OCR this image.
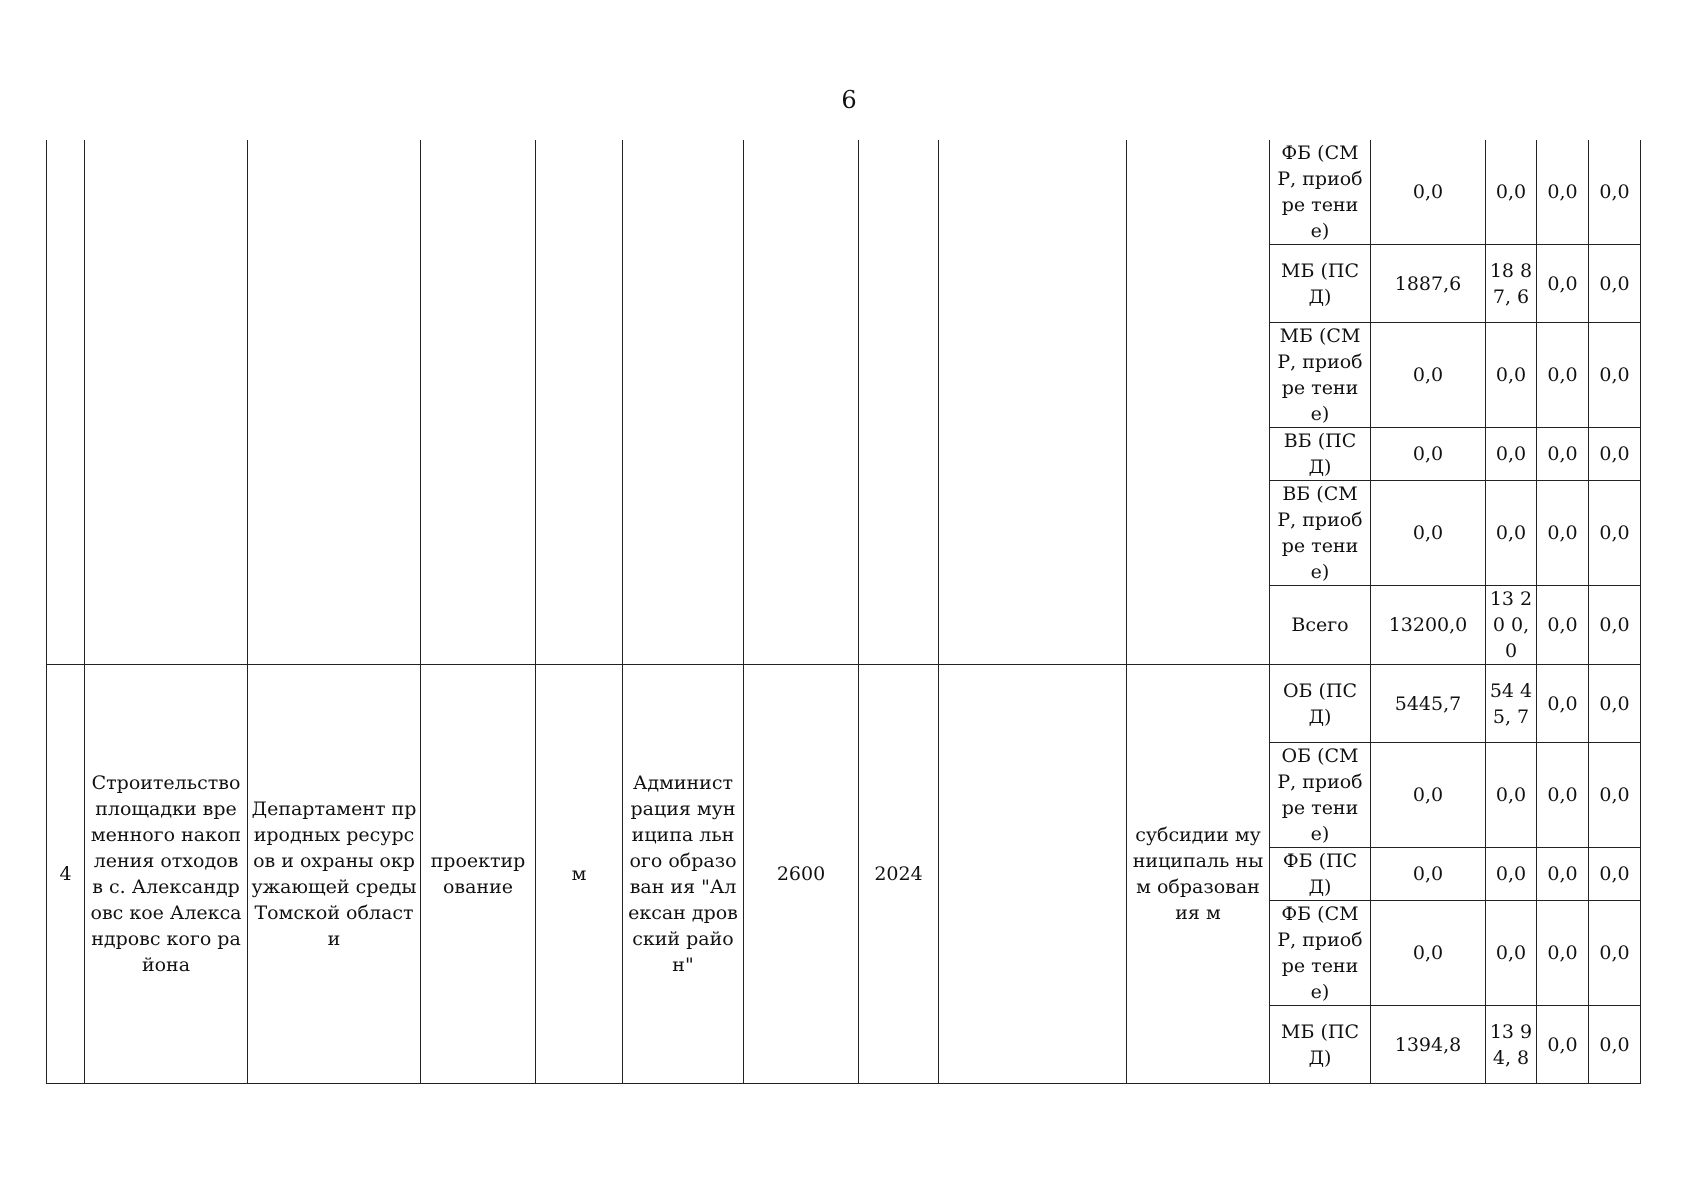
6
										ФБ (СМР, приобре тение)	0,0	0,0	0,0	0,0
										МБ (ПСД)	1887,6	18 87, 6	0,0	0,0
										МБ (СМР, приобре тение)	0,0	0,0	0,0	0,0
										ВБ (ПСД)	0,0	0,0	0,0	0,0
										ВБ (СМР, приобре тение)	0,0	0,0	0,0	0,0
										Всего	13200,0	13 20 0,0	0,0	0,0
4	Строительство площадки временного накопления отходов в с. Александровс кое Александровс кого района	Департамент природных ресурсов и охраны окружающей среды Томской области	проектир ование	м	Админист рация муниципа льного образован ия "Алексан дровский район"	2600	2024		субсидии муниципаль ным образования м	ОБ (ПСД)	5445,7	54 45, 7	0,0	0,0
										ОБ (СМР, приобре тение)	0,0	0,0	0,0	0,0
										ФБ (ПСД)	0,0	0,0	0,0	0,0
										ФБ (СМР, приобре тение)	0,0	0,0	0,0	0,0
										МБ (ПСД)	1394,8	13 94, 8	0,0	0,0
